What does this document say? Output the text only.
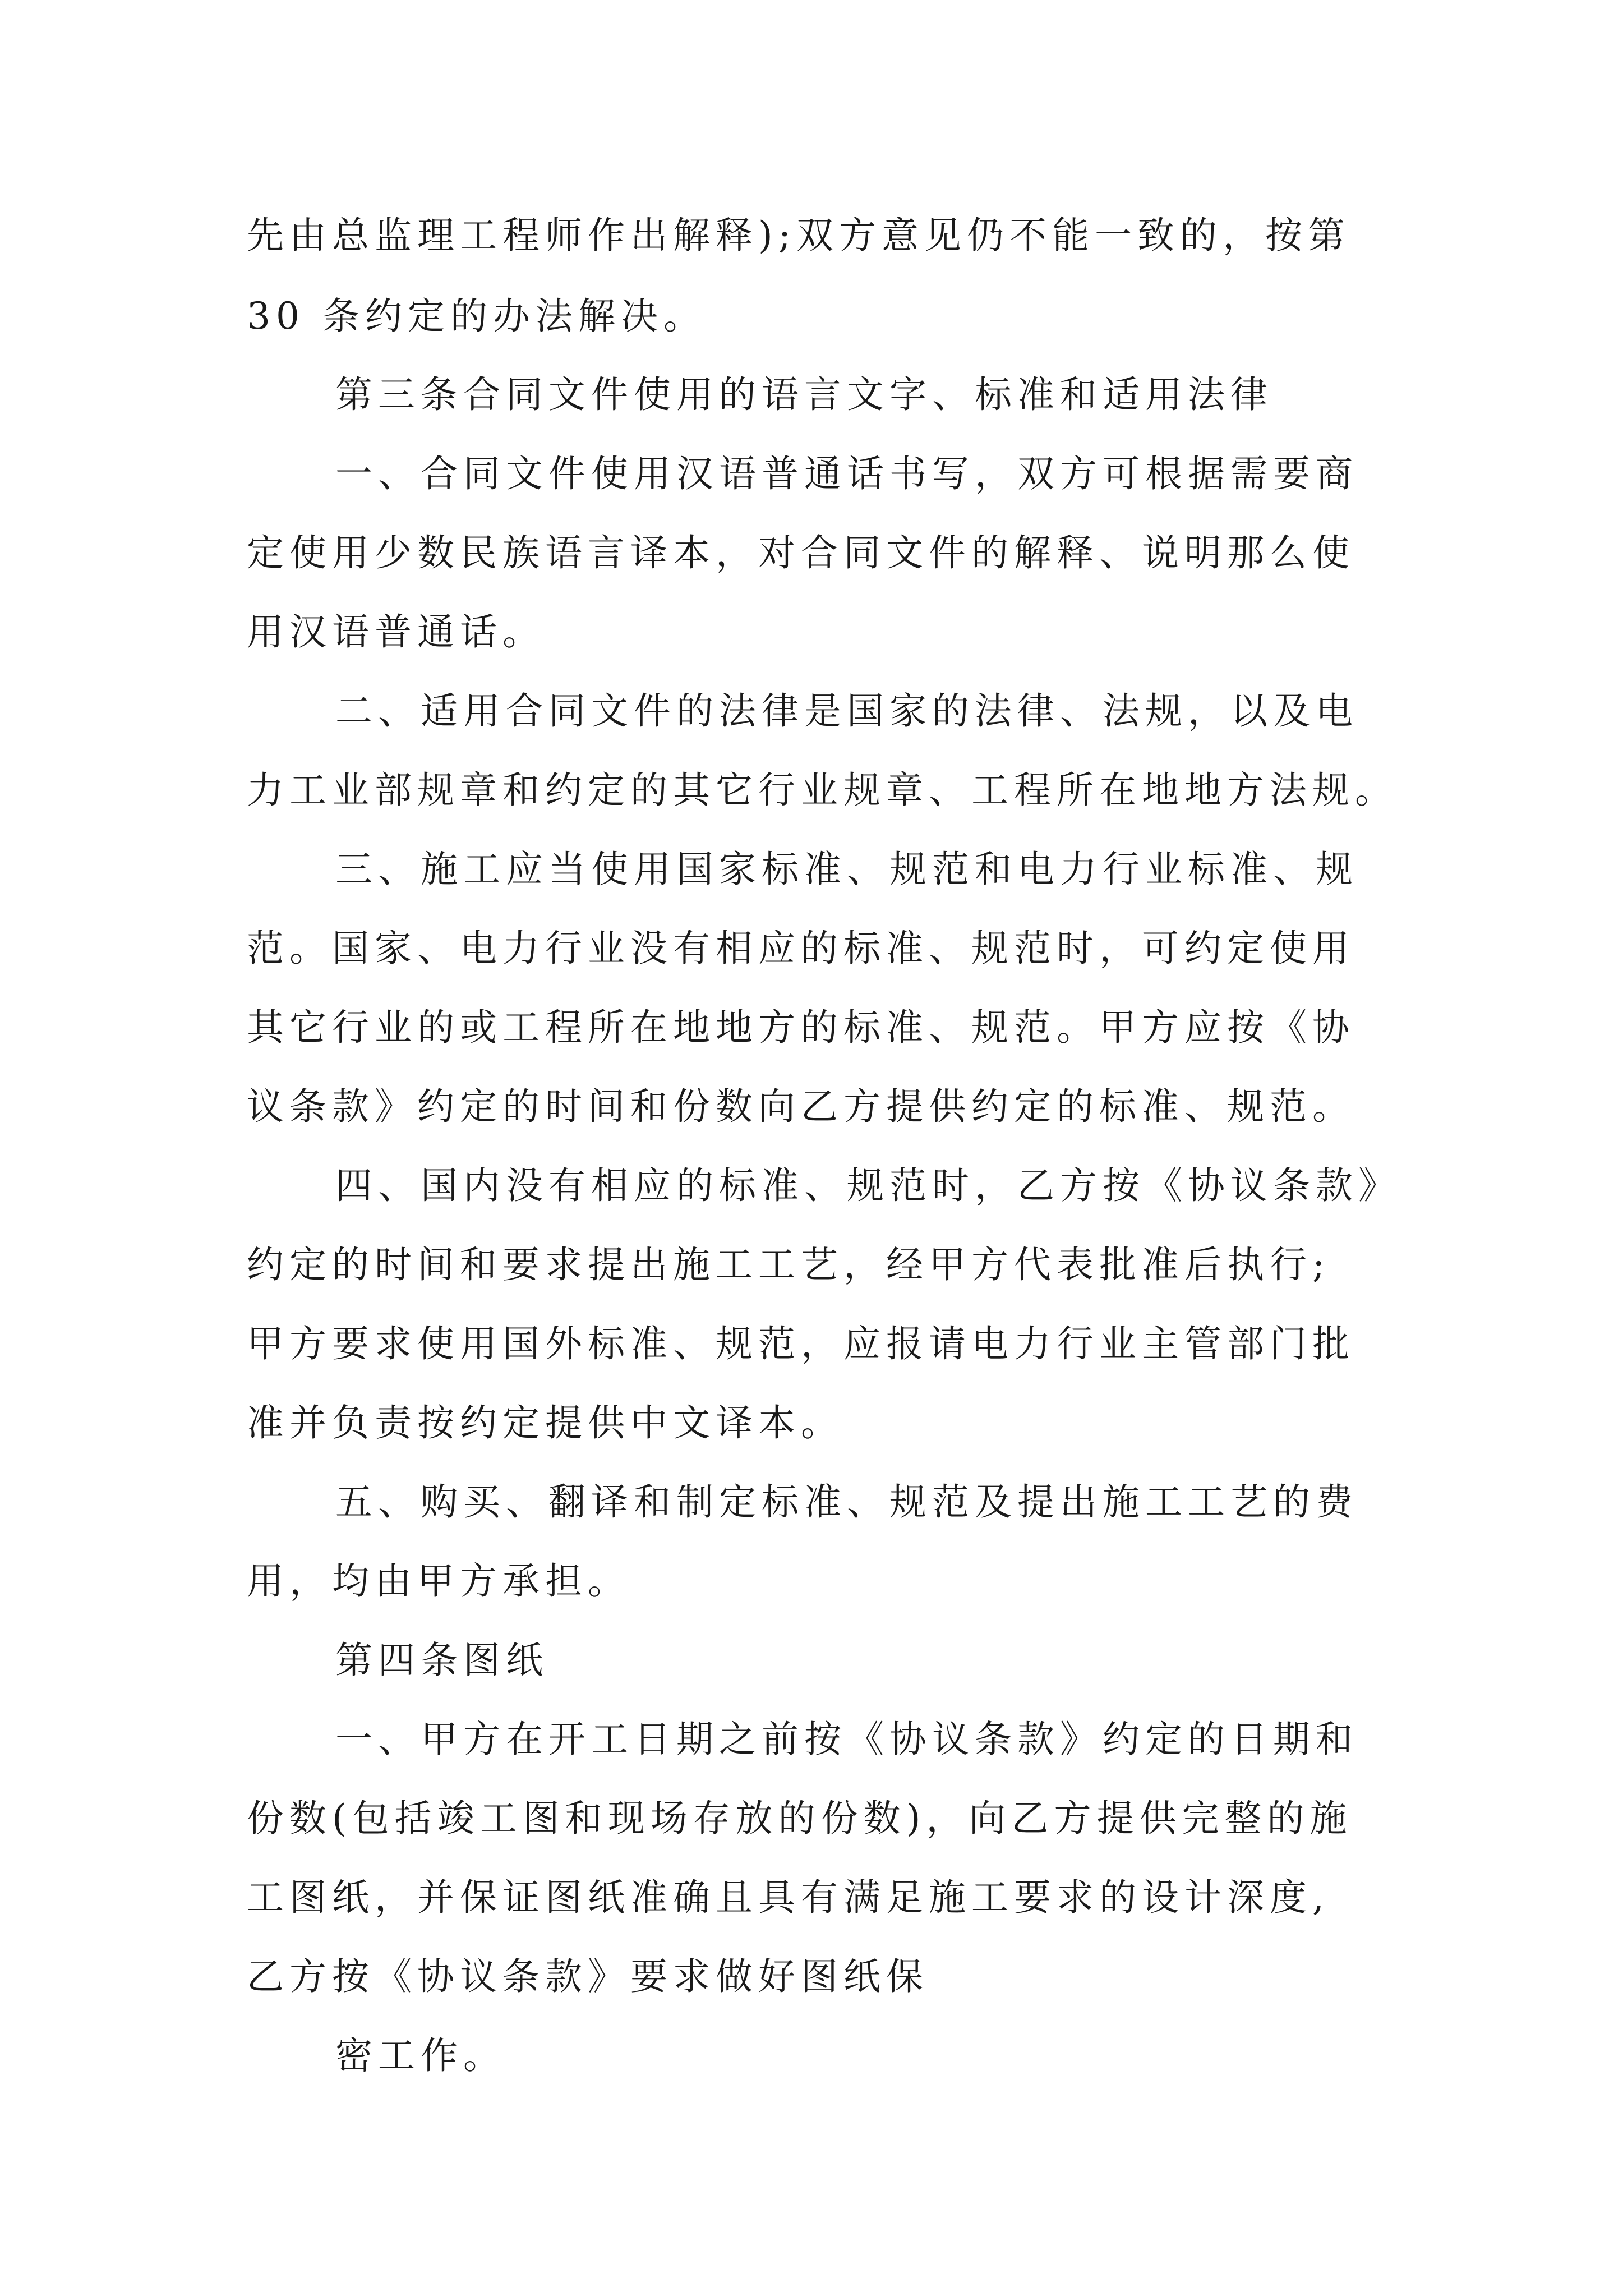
先由总监理工程师作出解释);双方意见仍不能一致的，按第
30 条约定的办法解决。
第三条合同文件使用的语言文字、标准和适用法律
一、合同文件使用汉语普通话书写，双方可根据需要商
定使用少数民族语言译本，对合同文件的解释、说明那么使
用汉语普通话。
二、适用合同文件的法律是国家的法律、法规，以及电
力工业部规章和约定的其它行业规章、工程所在地地方法规。
三、施工应当使用国家标准、规范和电力行业标准、规
范。国家、电力行业没有相应的标准、规范时，可约定使用
其它行业的或工程所在地地方的标准、规范。甲方应按《协
议条款》约定的时间和份数向乙方提供约定的标准、规范。
四、国内没有相应的标准、规范时，乙方按《协议条款》
约定的时间和要求提出施工工艺，经甲方代表批准后执行;
甲方要求使用国外标准、规范，应报请电力行业主管部门批
准并负责按约定提供中文译本。
五、购买、翻译和制定标准、规范及提出施工工艺的费
用，均由甲方承担。
第四条图纸
一、甲方在开工日期之前按《协议条款》约定的日期和
份数(包括竣工图和现场存放的份数)，向乙方提供完整的施
工图纸，并保证图纸准确且具有满足施工要求的设计深度,
乙方按《协议条款》要求做好图纸保
密工作。
